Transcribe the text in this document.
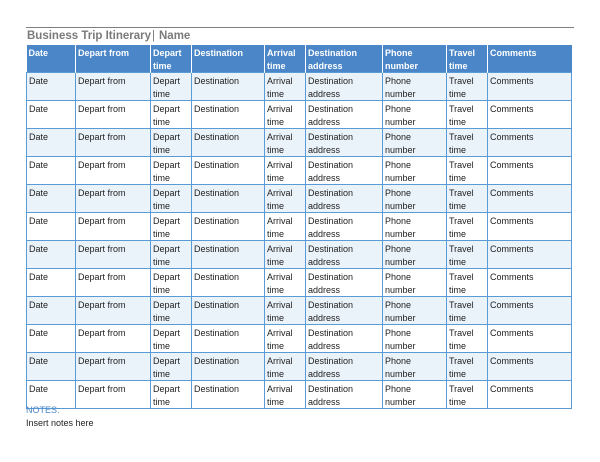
Business Trip Itinerary| Name
Date	Depart from	Depart time	Destination	Arrival time	Destination address	Phone number	Travel time	Comments
Date	Depart from	Depart time	Destination	Arrival time	Destination address	Phone number	Travel time	Comments
Date	Depart from	Depart time	Destination	Arrival time	Destination address	Phone number	Travel time	Comments
Date	Depart from	Depart time	Destination	Arrival time	Destination address	Phone number	Travel time	Comments
Date	Depart from	Depart time	Destination	Arrival time	Destination address	Phone number	Travel time	Comments
Date	Depart from	Depart time	Destination	Arrival time	Destination address	Phone number	Travel time	Comments
Date	Depart from	Depart time	Destination	Arrival time	Destination address	Phone number	Travel time	Comments
Date	Depart from	Depart time	Destination	Arrival time	Destination address	Phone number	Travel time	Comments
Date	Depart from	Depart time	Destination	Arrival time	Destination address	Phone number	Travel time	Comments
Date	Depart from	Depart time	Destination	Arrival time	Destination address	Phone number	Travel time	Comments
Date	Depart from	Depart time	Destination	Arrival time	Destination address	Phone number	Travel time	Comments
Date	Depart from	Depart time	Destination	Arrival time	Destination address	Phone number	Travel time	Comments
Date	Depart from	Depart time	Destination	Arrival time	Destination address	Phone number	Travel time	Comments
NOTES:
Insert notes here
